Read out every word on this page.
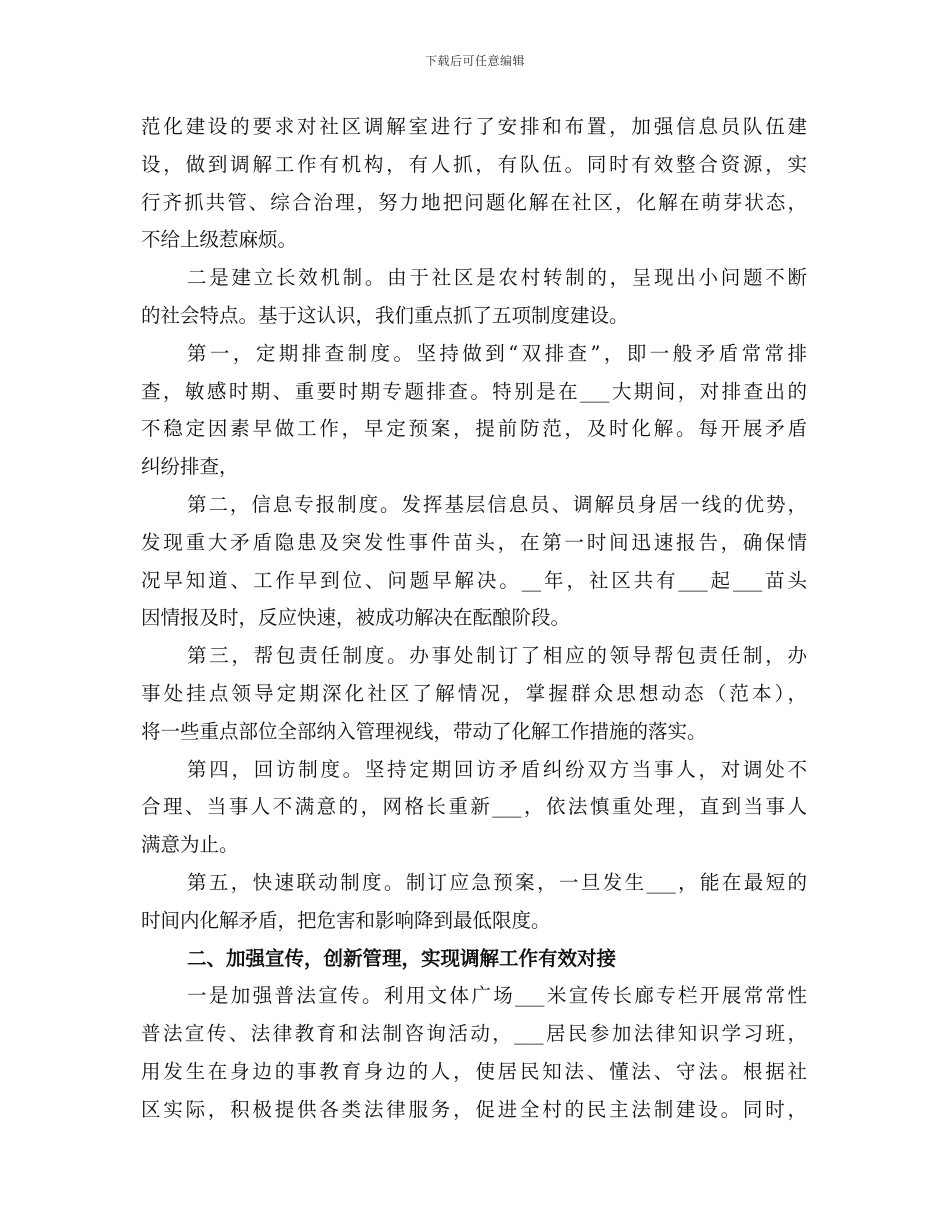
下载后可任意编辑
范化建设的要求对社区调解室进行了安排和布置，加强信息员队伍建
设，做到调解工作有机构，有人抓，有队伍。同时有效整合资源，实
行齐抓共管、综合治理，努力地把问题化解在社区，化解在萌芽状态，
不给上级惹麻烦。
二是建立长效机制。由于社区是农村转制的，呈现出小问题不断
的社会特点。基于这认识，我们重点抓了五项制度建设。
第一，定期排查制度。坚持做到“双排查”，即一般矛盾常常排
查，敏感时期、重要时期专题排查。特别是在___大期间，对排查出的
不稳定因素早做工作，早定预案，提前防范，及时化解。每开展矛盾
纠纷排查，
第二，信息专报制度。发挥基层信息员、调解员身居一线的优势，
发现重大矛盾隐患及突发性事件苗头，在第一时间迅速报告，确保情
况早知道、工作早到位、问题早解决。__年，社区共有___起___苗头
因情报及时，反应快速，被成功解决在酝酿阶段。
第三，帮包责任制度。办事处制订了相应的领导帮包责任制，办
事处挂点领导定期深化社区了解情况，掌握群众思想动态（范本），
将一些重点部位全部纳入管理视线，带动了化解工作措施的落实。
第四，回访制度。坚持定期回访矛盾纠纷双方当事人，对调处不
合理、当事人不满意的，网格长重新___，依法慎重处理，直到当事人
满意为止。
第五，快速联动制度。制订应急预案，一旦发生___，能在最短的
时间内化解矛盾，把危害和影响降到最低限度。
二、加强宣传，创新管理，实现调解工作有效对接
一是加强普法宣传。利用文体广场___米宣传长廊专栏开展常常性
普法宣传、法律教育和法制咨询活动，___居民参加法律知识学习班，
用发生在身边的事教育身边的人，使居民知法、懂法、守法。根据社
区实际，积极提供各类法律服务，促进全村的民主法制建设。同时，
